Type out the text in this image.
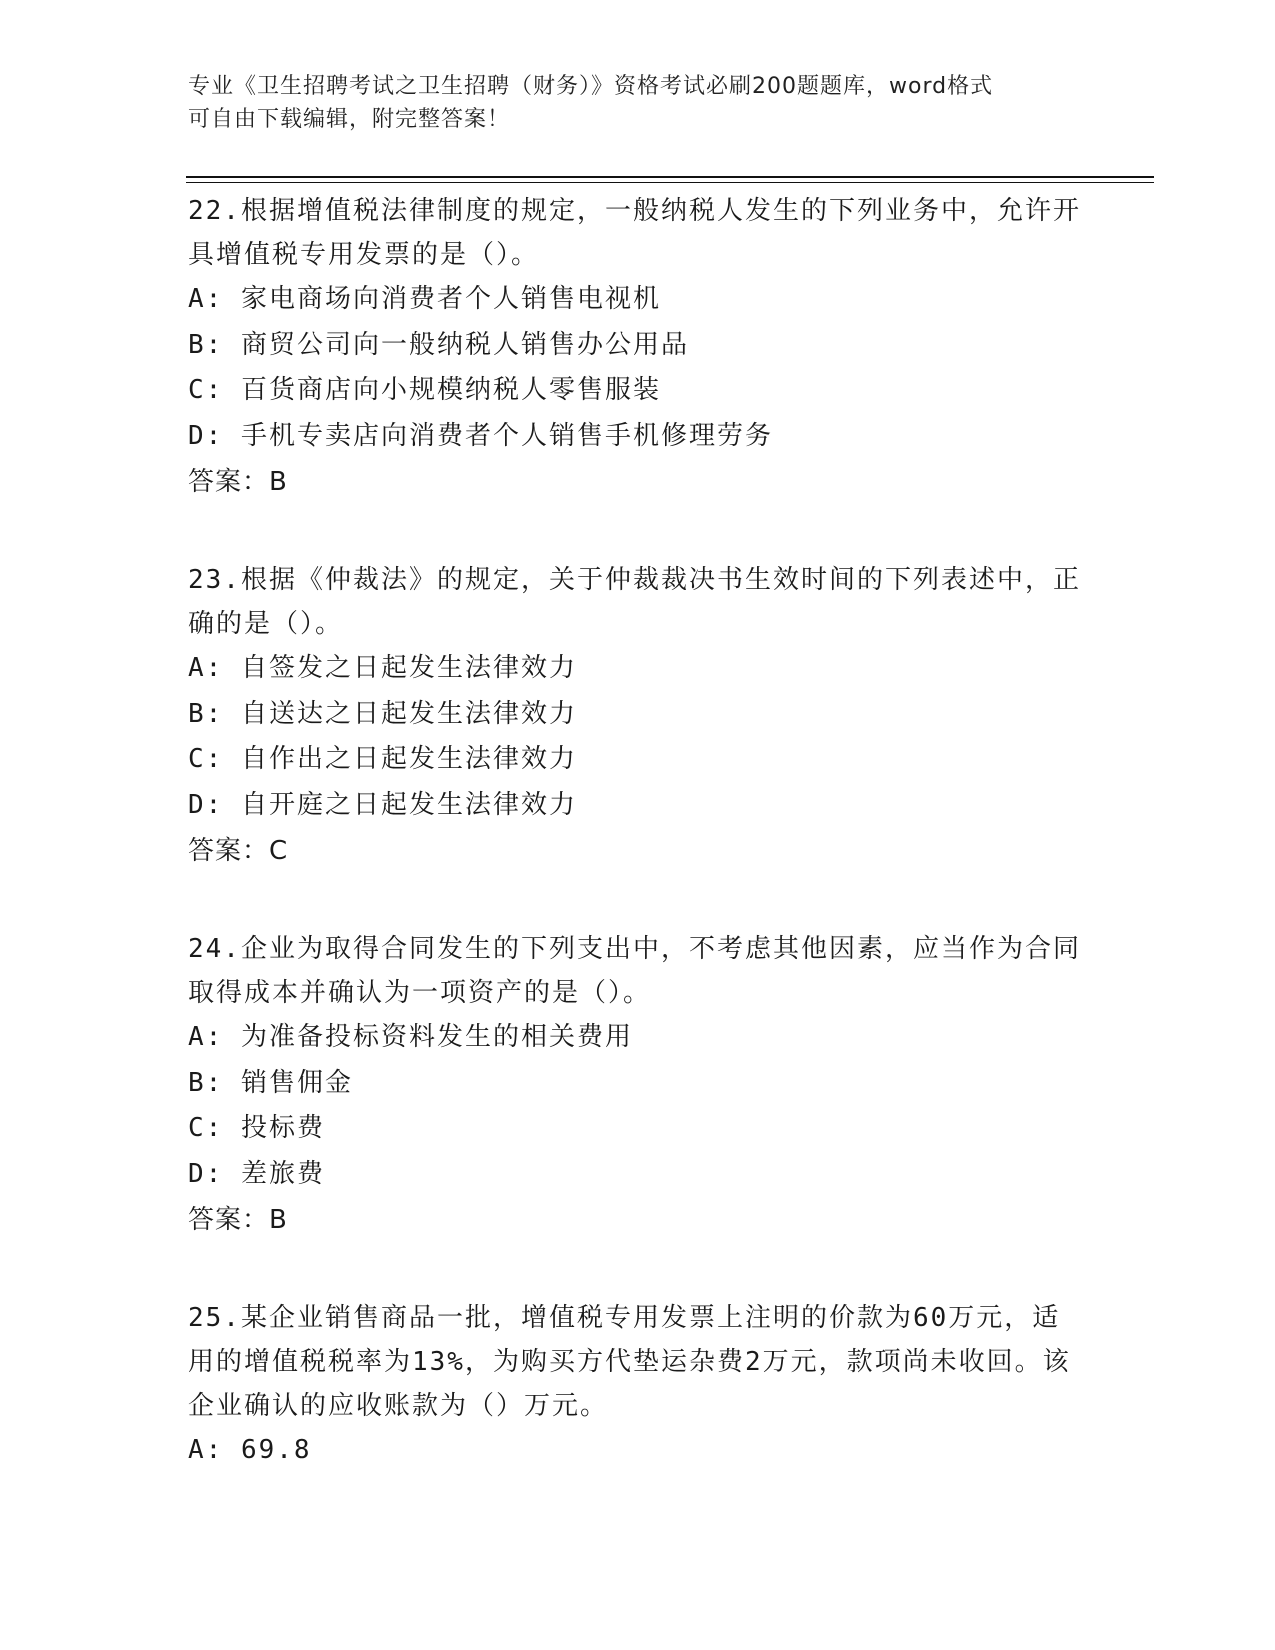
专业《卫生招聘考试之卫生招聘（财务）》资格考试必刷200题题库，word格式

可自由下载编辑，附完整答案！

22.根据增值税法律制度的规定，一般纳税人发生的下列业务中，允许开具增值税专用发票的是（）。

A: 家电商场向消费者个人销售电视机

B: 商贸公司向一般纳税人销售办公用品

C: 百货商店向小规模纳税人零售服装

D: 手机专卖店向消费者个人销售手机修理劳务

答案：B

23.根据《仲裁法》的规定，关于仲裁裁决书生效时间的下列表述中，正确的是（）。

A: 自签发之日起发生法律效力

B: 自送达之日起发生法律效力

C: 自作出之日起发生法律效力

D: 自开庭之日起发生法律效力

答案：C

24.企业为取得合同发生的下列支出中，不考虑其他因素，应当作为合同取得成本并确认为一项资产的是（）。

A: 为准备投标资料发生的相关费用

B: 销售佣金

C: 投标费

D: 差旅费

答案：B

25.某企业销售商品一批，增值税专用发票上注明的价款为60万元，适用的增值税税率为13%，为购买方代垫运杂费2万元，款项尚未收回。该企业确认的应收账款为（）万元。

A: 69.8
